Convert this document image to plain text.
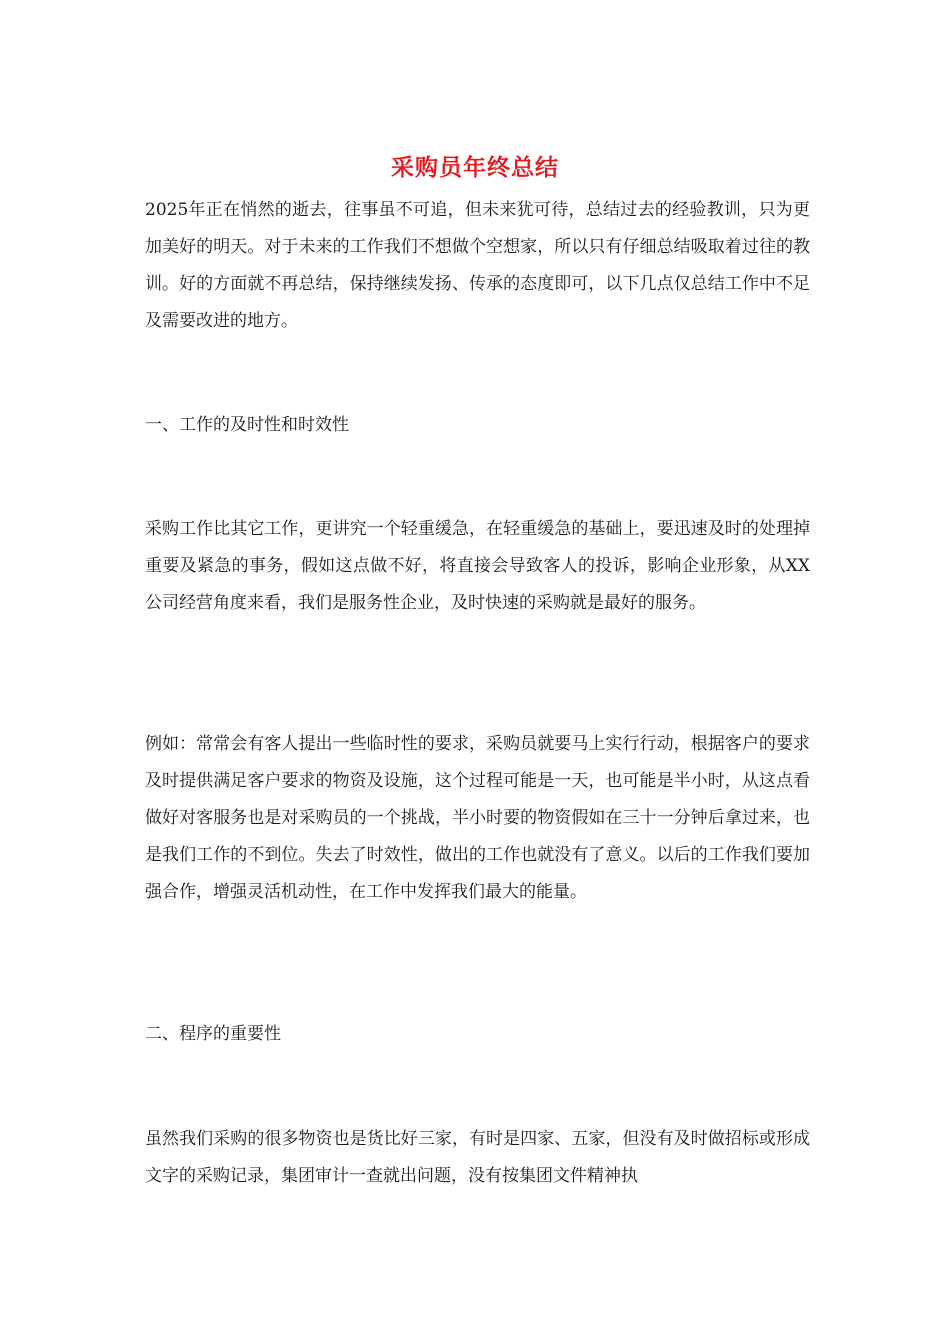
采购员年终总结

2025年正在悄然的逝去，往事虽不可追，但未来犹可待，总结过去的经验教训，只为更加美好的明天。对于未来的工作我们不想做个空想家，所以只有仔细总结吸取着过往的教训。好的方面就不再总结，保持继续发扬、传承的态度即可，以下几点仅总结工作中不足及需要改进的地方。

一、工作的及时性和时效性

采购工作比其它工作，更讲究一个轻重缓急，在轻重缓急的基础上，要迅速及时的处理掉重要及紧急的事务，假如这点做不好，将直接会导致客人的投诉，影响企业形象，从XX公司经营角度来看，我们是服务性企业，及时快速的采购就是最好的服务。

例如：常常会有客人提出一些临时性的要求，采购员就要马上实行行动，根据客户的要求及时提供满足客户要求的物资及设施，这个过程可能是一天，也可能是半小时，从这点看做好对客服务也是对采购员的一个挑战，半小时要的物资假如在三十一分钟后拿过来，也是我们工作的不到位。失去了时效性，做出的工作也就没有了意义。以后的工作我们要加强合作，增强灵活机动性，在工作中发挥我们最大的能量。

二、程序的重要性

虽然我们采购的很多物资也是货比好三家，有时是四家、五家，但没有及时做招标或形成文字的采购记录，集团审计一查就出问题，没有按集团文件精神执
